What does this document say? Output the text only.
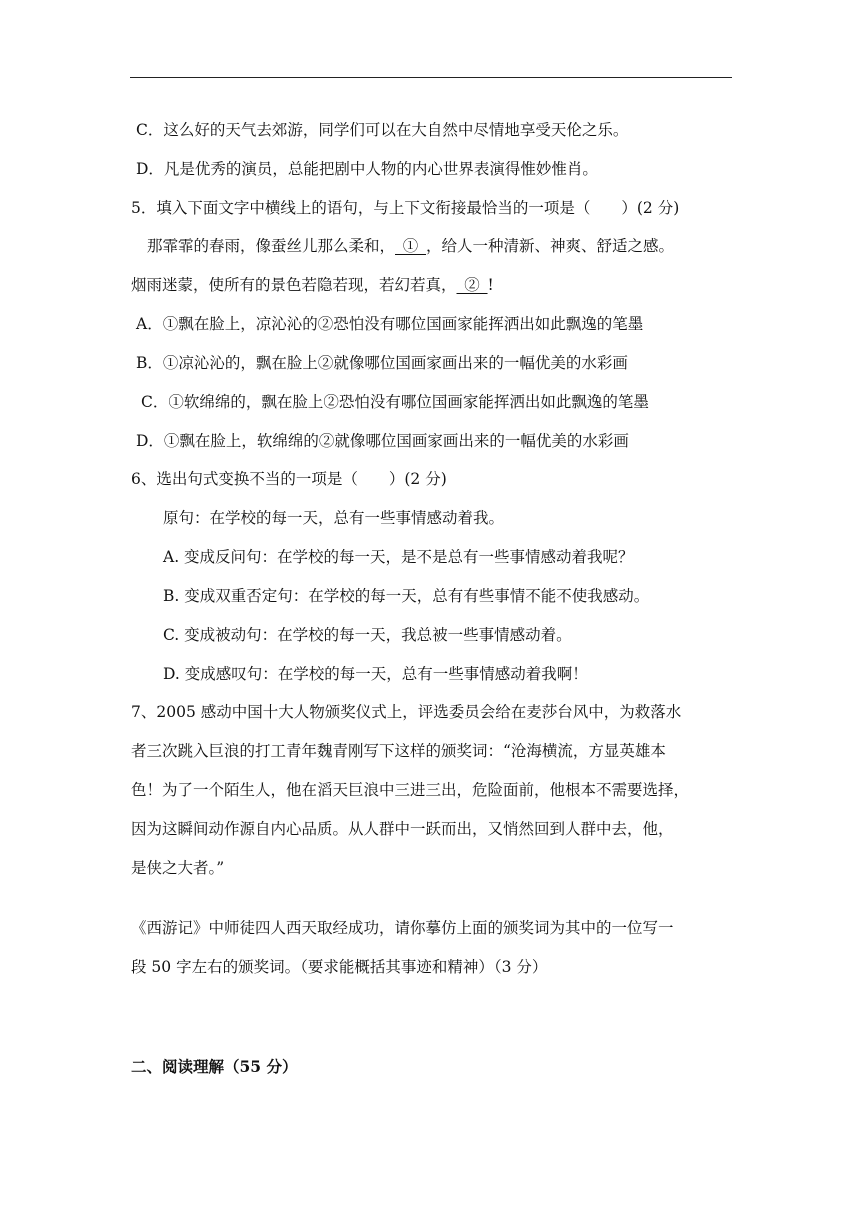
C．这么好的天气去郊游，同学们可以在大自然中尽情地享受天伦之乐。
D．凡是优秀的演员，总能把剧中人物的内心世界表演得惟妙惟肖。
5．填入下面文字中横线上的语句，与上下文衔接最恰当的一项是（　　）(2 分)
那霏霏的春雨，像蚕丝儿那么柔和，_①_，给人一种清新、神爽、舒适之感。
烟雨迷蒙，使所有的景色若隐若现，若幻若真，_②_!
A．①飘在脸上，凉沁沁的②恐怕没有哪位国画家能挥洒出如此飘逸的笔墨
B．①凉沁沁的，飘在脸上②就像哪位国画家画出来的一幅优美的水彩画
C．①软绵绵的，飘在脸上②恐怕没有哪位国画家能挥洒出如此飘逸的笔墨
D．①飘在脸上，软绵绵的②就像哪位国画家画出来的一幅优美的水彩画
6、选出句式变换不当的一项是（　　）(2 分)
原句：在学校的每一天，总有一些事情感动着我。
A. 变成反问句：在学校的每一天，是不是总有一些事情感动着我呢？
B. 变成双重否定句：在学校的每一天，总有有些事情不能不使我感动。
C. 变成被动句：在学校的每一天，我总被一些事情感动着。
D. 变成感叹句：在学校的每一天，总有一些事情感动着我啊！
7、2005 感动中国十大人物颁奖仪式上，评选委员会给在麦莎台风中，为救落水
者三次跳入巨浪的打工青年魏青刚写下这样的颁奖词：“沧海横流，方显英雄本
色！为了一个陌生人，他在滔天巨浪中三进三出，危险面前，他根本不需要选择，
因为这瞬间动作源自内心品质。从人群中一跃而出，又悄然回到人群中去，他，
是侠之大者。”
《西游记》中师徒四人西天取经成功，请你摹仿上面的颁奖词为其中的一位写一
段 50 字左右的颁奖词。（要求能概括其事迹和精神）（3 分）
二、阅读理解（55 分）
